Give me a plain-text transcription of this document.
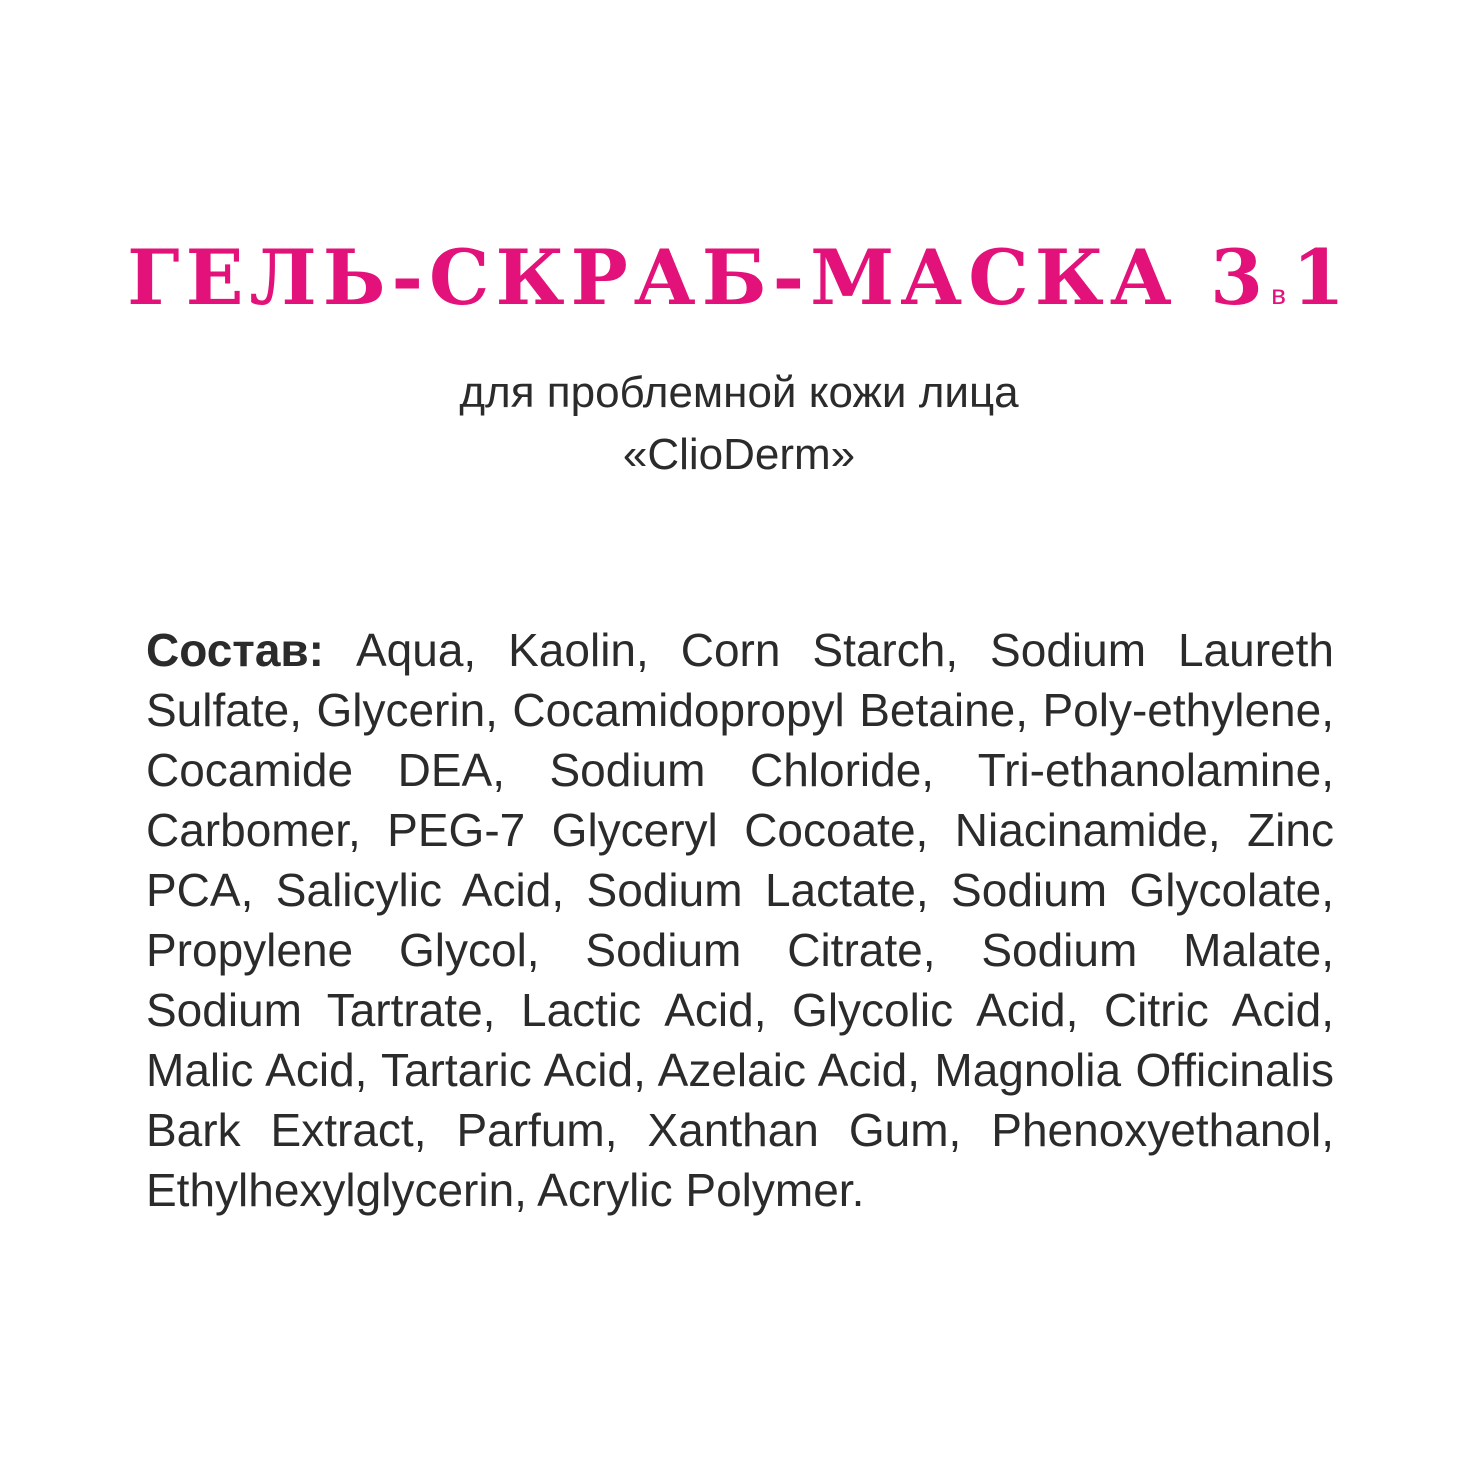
ГЕЛЬ-СКРАБ-МАСКА 3в1
для проблемной кожи лица
«ClioDerm»
Состав: Aqua, Kaolin, Corn Starch, Sodium Laureth Sulfate, Glycerin, Cocamidopropyl Betaine, Poly-ethylene, Cocamide DEA, Sodium Chloride, Tri-ethanolamine, Carbomer, PEG-7 Glyceryl Cocoate, Niacinamide, Zinc PCA, Salicylic Acid, Sodium Lactate, Sodium Glycolate, Propylene Glycol, Sodium Citrate, Sodium Malate, Sodium Tartrate, Lactic Acid, Glycolic Acid, Citric Acid, Malic Acid, Tartaric Acid, Azelaic Acid, Magnolia Officinalis Bark Extract, Parfum, Xanthan Gum, Phenoxyethanol, Ethylhexylglycerin, Acrylic Polymer.
